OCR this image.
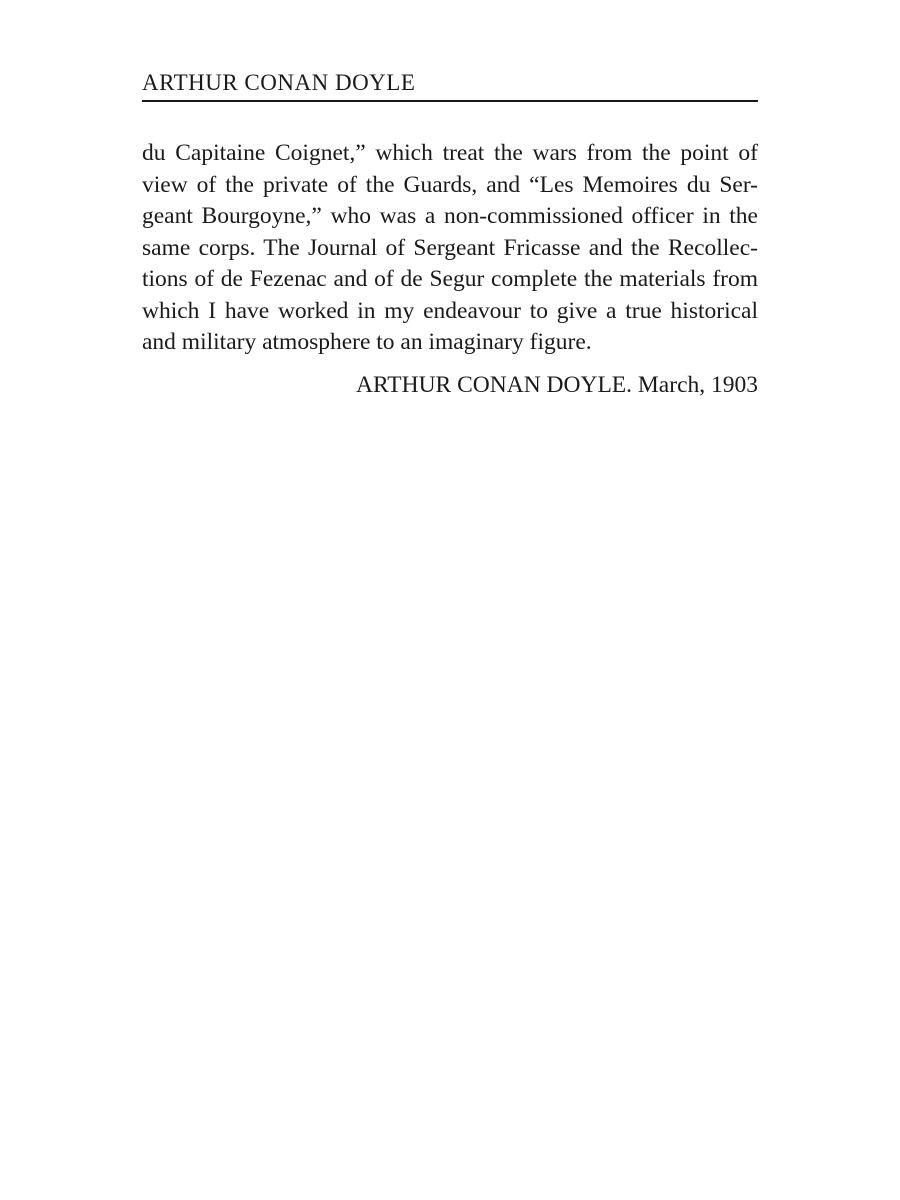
ARTHUR CONAN DOYLE
du Capitaine Coignet,” which treat the wars from the point of
view of the private of the Guards, and “Les Memoires du Ser-
geant Bourgoyne,” who was a non-commissioned officer in the
same corps. The Journal of Sergeant Fricasse and the Recollec-
tions of de Fezenac and of de Segur complete the materials from
which I have worked in my endeavour to give a true historical
and military atmosphere to an imaginary figure.
ARTHUR CONAN DOYLE. March, 1903
